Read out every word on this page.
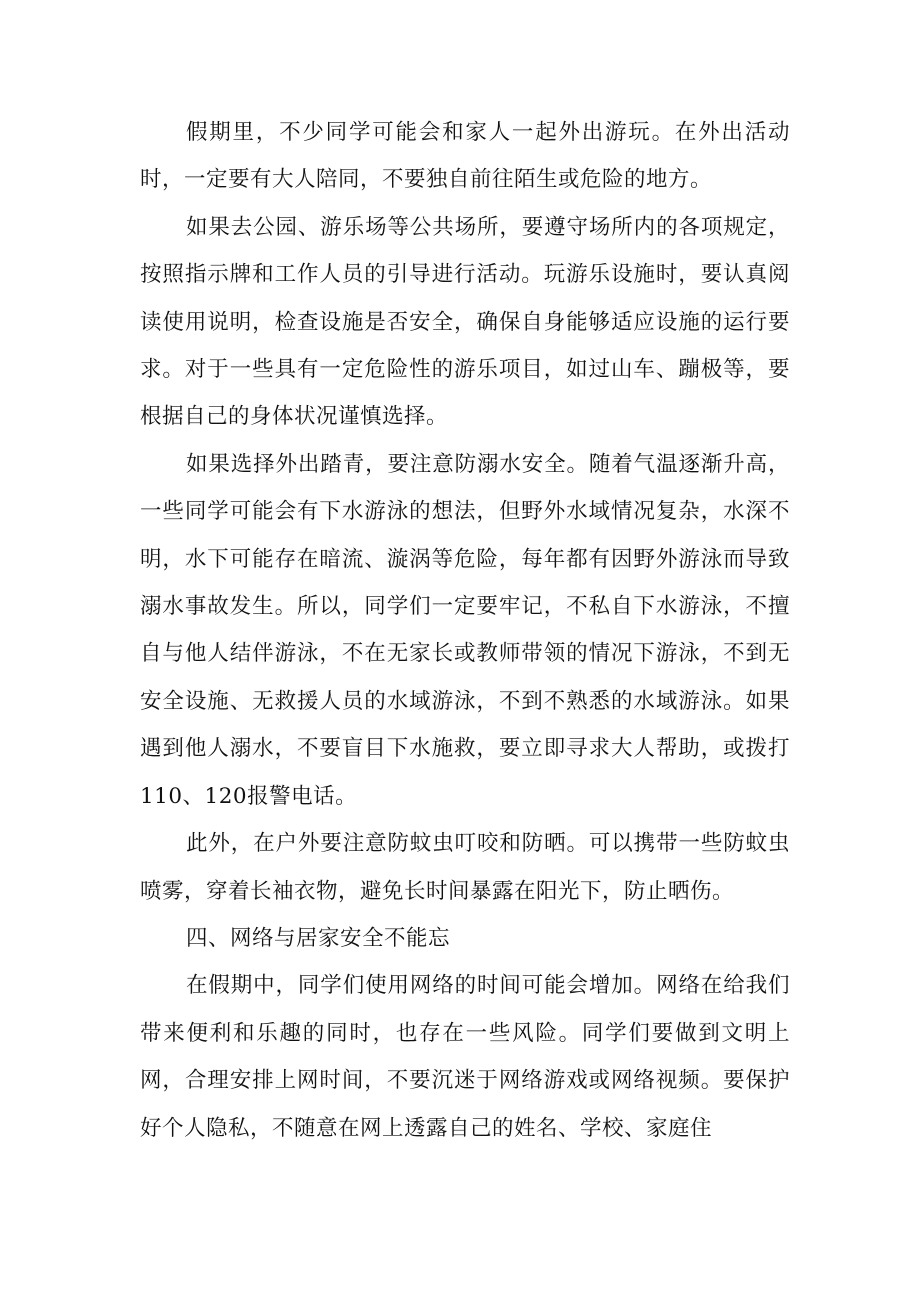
假期里，不少同学可能会和家人一起外出游玩。在外出活动时，一定要有大人陪同，不要独自前往陌生或危险的地方。

如果去公园、游乐场等公共场所，要遵守场所内的各项规定，按照指示牌和工作人员的引导进行活动。玩游乐设施时，要认真阅读使用说明，检查设施是否安全，确保自身能够适应设施的运行要求。对于一些具有一定危险性的游乐项目，如过山车、蹦极等，要根据自己的身体状况谨慎选择。

如果选择外出踏青，要注意防溺水安全。随着气温逐渐升高，一些同学可能会有下水游泳的想法，但野外水域情况复杂，水深不明，水下可能存在暗流、漩涡等危险，每年都有因野外游泳而导致溺水事故发生。所以，同学们一定要牢记，不私自下水游泳，不擅自与他人结伴游泳，不在无家长或教师带领的情况下游泳，不到无安全设施、无救援人员的水域游泳，不到不熟悉的水域游泳。如果遇到他人溺水，不要盲目下水施救，要立即寻求大人帮助，或拨打110、120报警电话。

此外，在户外要注意防蚊虫叮咬和防晒。可以携带一些防蚊虫喷雾，穿着长袖衣物，避免长时间暴露在阳光下，防止晒伤。

四、网络与居家安全不能忘

在假期中，同学们使用网络的时间可能会增加。网络在给我们带来便利和乐趣的同时，也存在一些风险。同学们要做到文明上网，合理安排上网时间，不要沉迷于网络游戏或网络视频。要保护好个人隐私，不随意在网上透露自己的姓名、学校、家庭住
